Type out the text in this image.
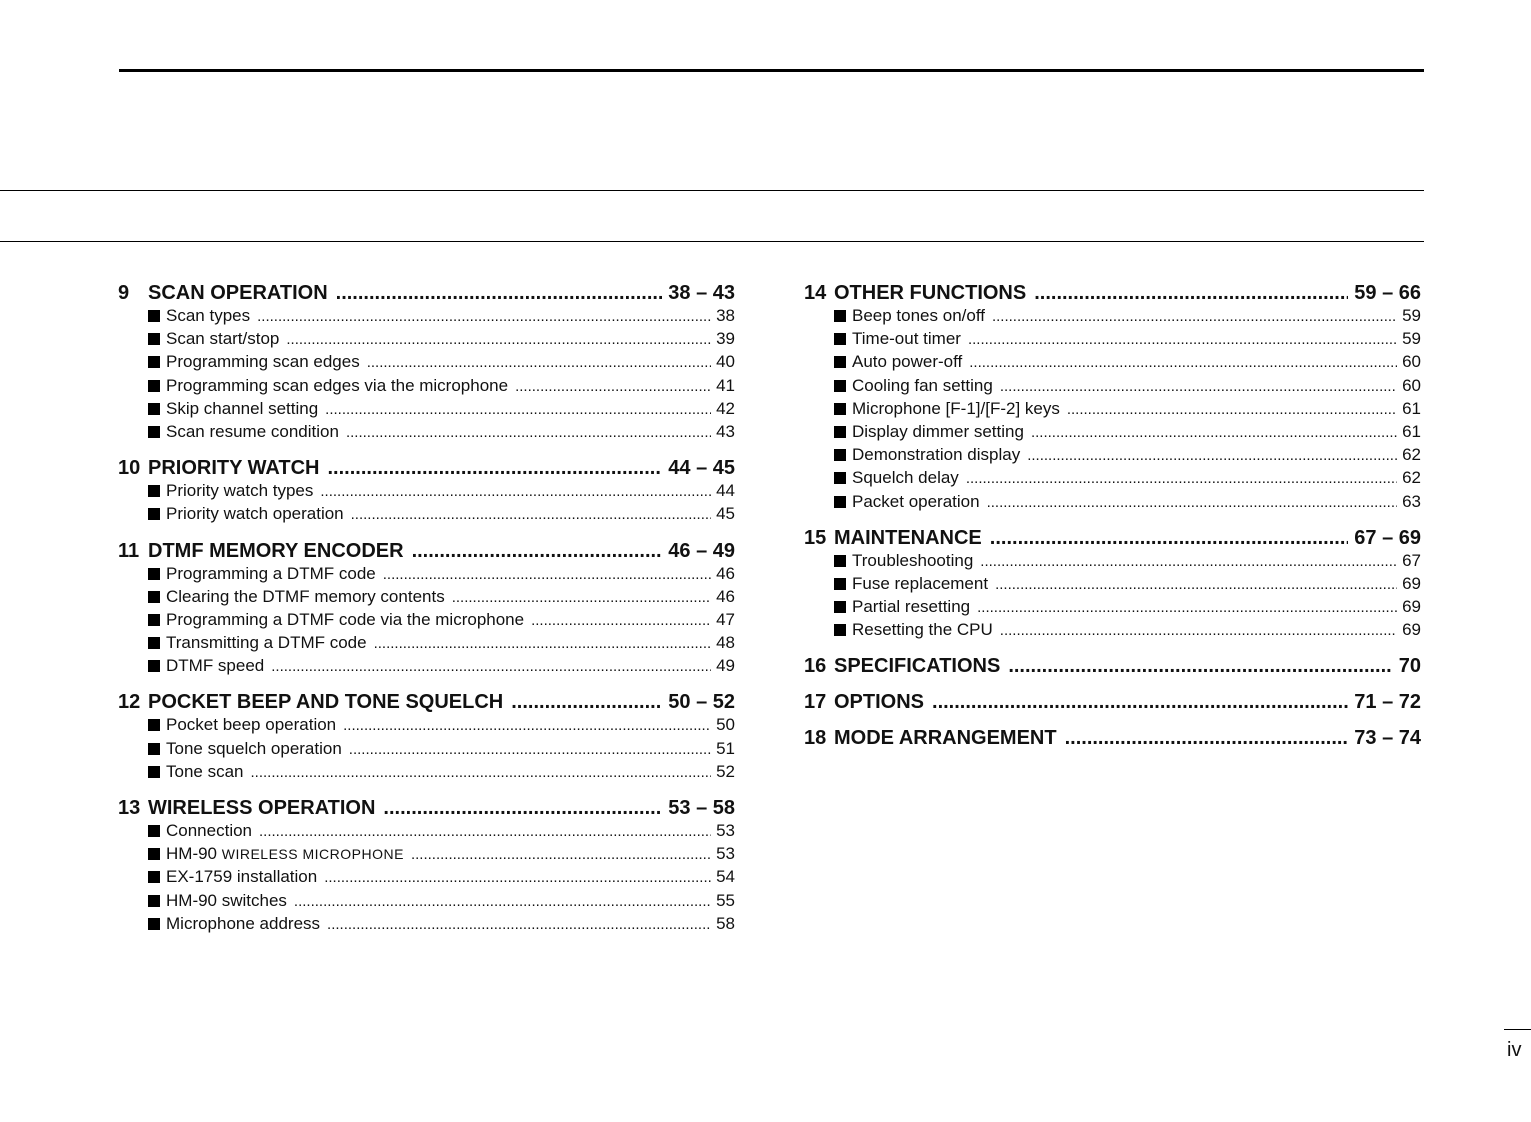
9 SCAN OPERATION .....	38 – 43
Scan types .....	38
Scan start/stop .....	39
Programming scan edges .....	40
Programming scan edges via the microphone .....	41
Skip channel setting .....	42
Scan resume condition .....	43
10 PRIORITY WATCH .....	44 – 45
Priority watch types .....	44
Priority watch operation .....	45
11 DTMF MEMORY ENCODER .....	46 – 49
Programming a DTMF code .....	46
Clearing the DTMF memory contents .....	46
Programming a DTMF code via the microphone .....	47
Transmitting a DTMF code .....	48
DTMF speed .....	49
12 POCKET BEEP AND TONE SQUELCH .....	50 – 52
Pocket beep operation .....	50
Tone squelch operation .....	51
Tone scan .....	52
13 WIRELESS OPERATION .....	53 – 58
Connection .....	53
HM-90 WIRELESS MICROPHONE .....	53
EX-1759 installation .....	54
HM-90 switches .....	55
Microphone address .....	58
14 OTHER FUNCTIONS .....	59 – 66
Beep tones on/off .....	59
Time-out timer .....	59
Auto power-off .....	60
Cooling fan setting .....	60
Microphone [F-1]/[F-2] keys .....	61
Display dimmer setting .....	61
Demonstration display .....	62
Squelch delay .....	62
Packet operation .....	63
15 MAINTENANCE .....	67 – 69
Troubleshooting .....	67
Fuse replacement .....	69
Partial resetting .....	69
Resetting the CPU .....	69
16 SPECIFICATIONS .....	70
17 OPTIONS .....	71 – 72
18 MODE ARRANGEMENT .....	73 – 74
iv
